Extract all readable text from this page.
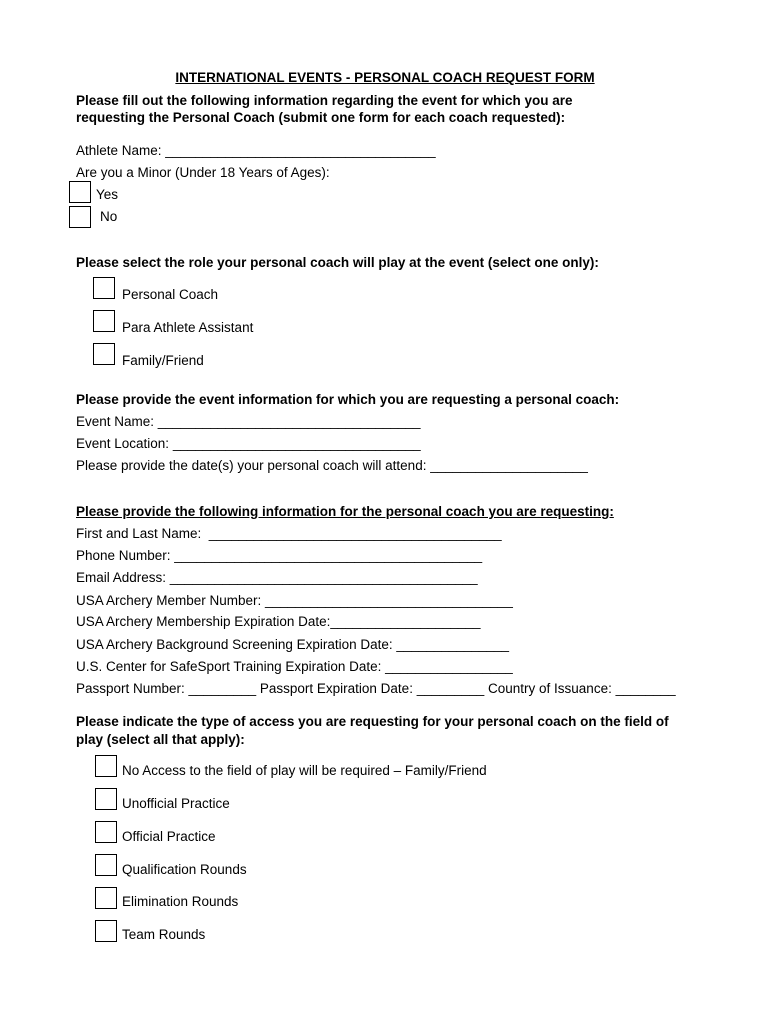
INTERNATIONAL EVENTS - PERSONAL COACH REQUEST FORM
Please fill out the following information regarding the event for which you are
requesting the Personal Coach (submit one form for each coach requested):
Athlete Name: ____________________________________
Are you a Minor (Under 18 Years of Ages):
Yes
No
Please select the role your personal coach will play at the event (select one only):
Personal Coach
Para Athlete Assistant
Family/Friend
Please provide the event information for which you are requesting a personal coach:
Event Name: ___________________________________
Event Location: _________________________________
Please provide the date(s) your personal coach will attend: _____________________
Please provide the following information for the personal coach you are requesting:
First and Last Name:  _______________________________________
Phone Number: _________________________________________
Email Address: _________________________________________
USA Archery Member Number: _________________________________
USA Archery Membership Expiration Date:____________________
USA Archery Background Screening Expiration Date: _______________
U.S. Center for SafeSport Training Expiration Date: _________________
Passport Number: _________ Passport Expiration Date: _________ Country of Issuance: ________
Please indicate the type of access you are requesting for your personal coach on the field of
play (select all that apply):
No Access to the field of play will be required – Family/Friend
Unofficial Practice
Official Practice
Qualification Rounds
Elimination Rounds
Team Rounds
